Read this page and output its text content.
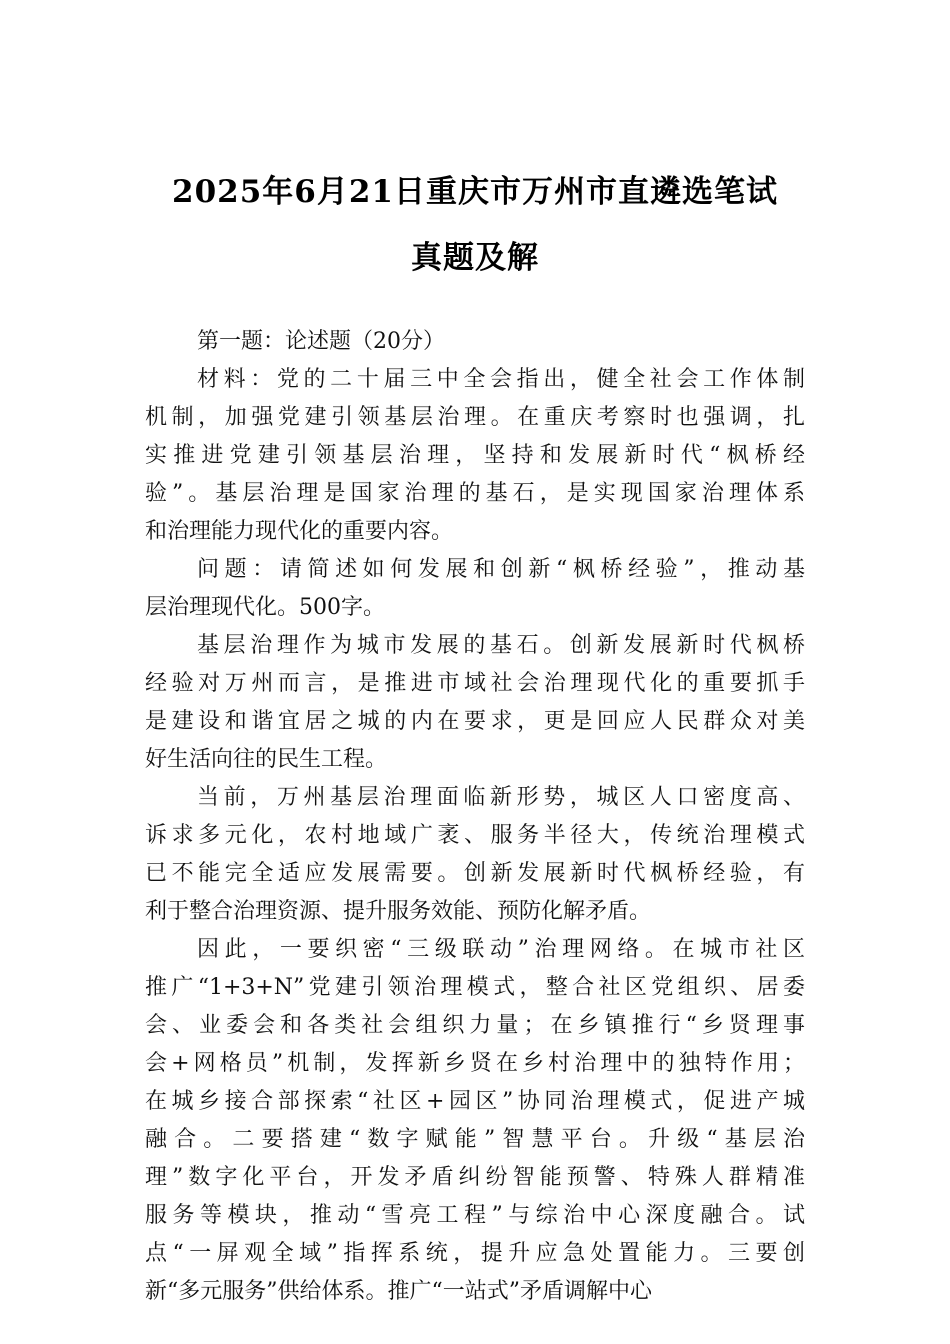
2025年6月21日重庆市万州市直遴选笔试
真题及解
第一题：论述题（20分）
材料：党的二十届三中全会指出，健全社会工作体制
机制，加强党建引领基层治理。在重庆考察时也强调，扎
实推进党建引领基层治理，坚持和发展新时代“枫桥经
验”。基层治理是国家治理的基石，是实现国家治理体系
和治理能力现代化的重要内容。
问题：请简述如何发展和创新“枫桥经验”，推动基
层治理现代化。500字。
基层治理作为城市发展的基石。创新发展新时代枫桥
经验对万州而言，是推进市域社会治理现代化的重要抓手
是建设和谐宜居之城的内在要求，更是回应人民群众对美
好生活向往的民生工程。
当前，万州基层治理面临新形势，城区人口密度高、
诉求多元化，农村地域广袤、服务半径大，传统治理模式
已不能完全适应发展需要。创新发展新时代枫桥经验，有
利于整合治理资源、提升服务效能、预防化解矛盾。
因此，一要织密“三级联动”治理网络。在城市社区
推广“1+3+N”党建引领治理模式，整合社区党组织、居委
会、业委会和各类社会组织力量；在乡镇推行“乡贤理事
会+网格员”机制，发挥新乡贤在乡村治理中的独特作用；
在城乡接合部探索“社区+园区”协同治理模式，促进产城
融合。二要搭建“数字赋能”智慧平台。升级“基层治
理”数字化平台，开发矛盾纠纷智能预警、特殊人群精准
服务等模块，推动“雪亮工程”与综治中心深度融合。试
点“一屏观全域”指挥系统，提升应急处置能力。三要创
新“多元服务”供给体系。推广“一站式”矛盾调解中心
